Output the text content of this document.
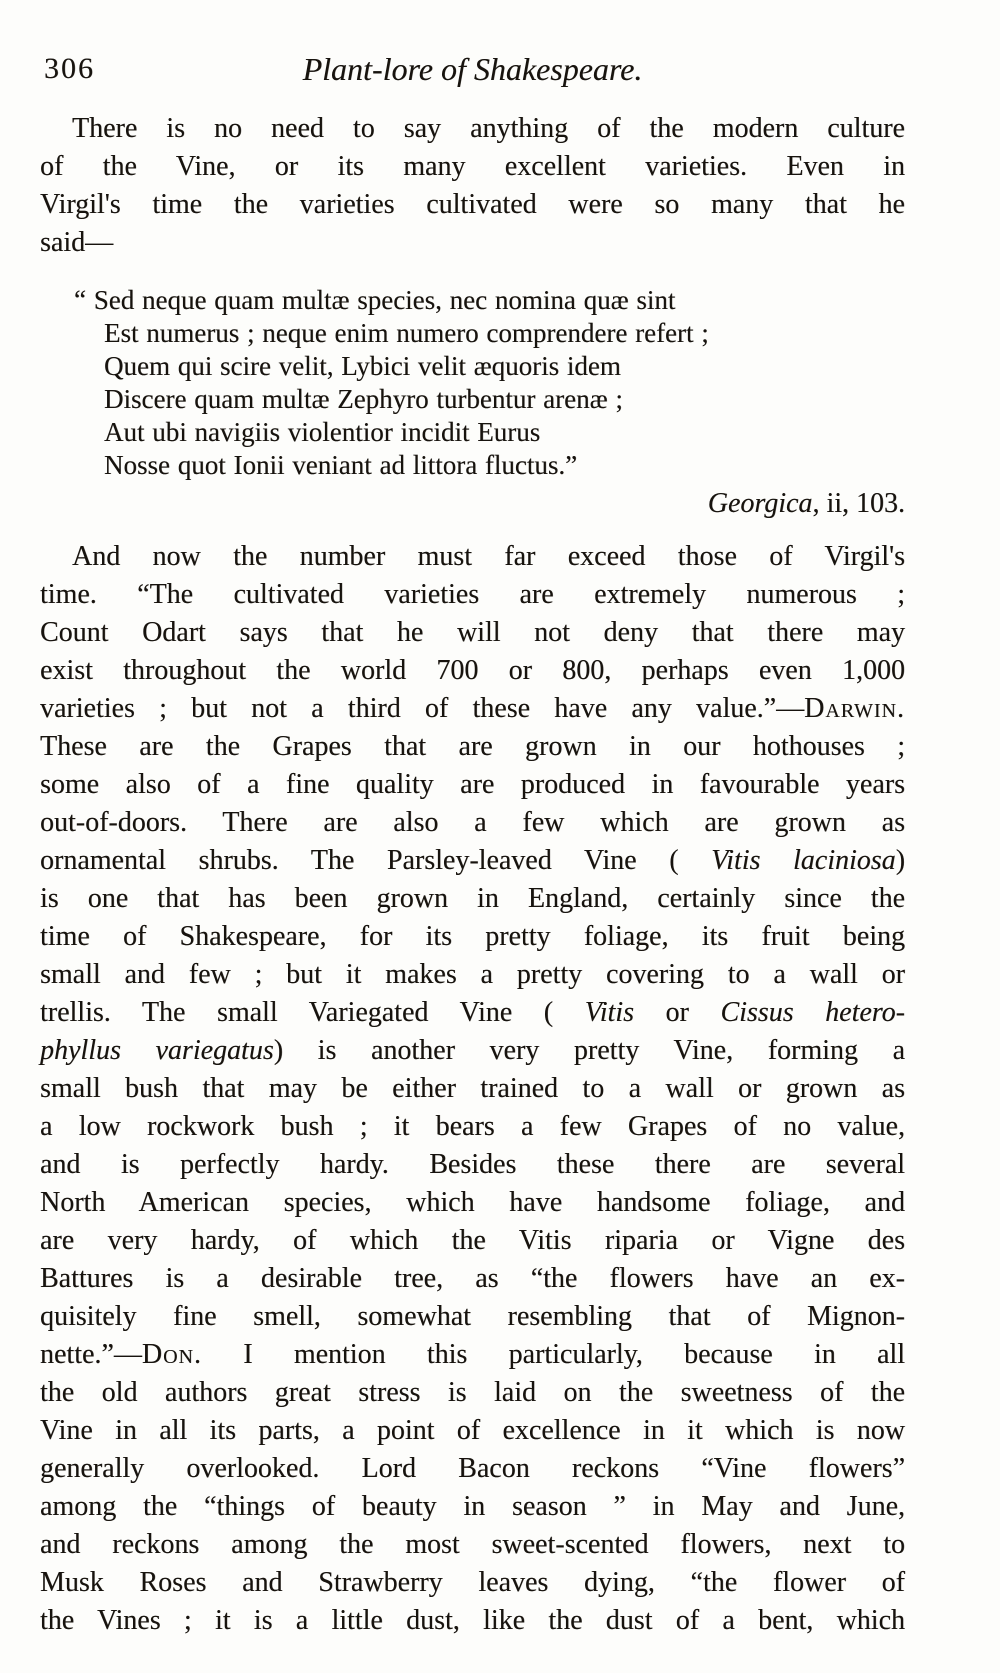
306	Plant-lore of Shakespeare.
There is no need to say anything of the modern culture
of the Vine, or its many excellent varieties. Even in
Virgil's time the varieties cultivated were so many that he
said—
“ Sed neque quam multæ species, nec nomina quæ sint
Est numerus ; neque enim numero comprendere refert ;
Quem qui scire velit, Lybici velit æquoris idem
Discere quam multæ Zephyro turbentur arenæ ;
Aut ubi navigiis violentior incidit Eurus
Nosse quot Ionii veniant ad littora fluctus.”
Georgica, ii, 103.
And now the number must far exceed those of Virgil's
time. “The cultivated varieties are extremely numerous ;
Count Odart says that he will not deny that there may
exist throughout the world 700 or 800, perhaps even 1,000
varieties ; but not a third of these have any value.”—Darwin.
These are the Grapes that are grown in our hothouses ;
some also of a fine quality are produced in favourable years
out-of-doors. There are also a few which are grown as
ornamental shrubs. The Parsley-leaved Vine ( Vitis laciniosa)
is one that has been grown in England, certainly since the
time of Shakespeare, for its pretty foliage, its fruit being
small and few ; but it makes a pretty covering to a wall or
trellis. The small Variegated Vine ( Vitis or Cissus hetero-
phyllus variegatus) is another very pretty Vine, forming a
small bush that may be either trained to a wall or grown as
a low rockwork bush ; it bears a few Grapes of no value,
and is perfectly hardy. Besides these there are several
North American species, which have handsome foliage, and
are very hardy, of which the Vitis riparia or Vigne des
Battures is a desirable tree, as “the flowers have an ex-
quisitely fine smell, somewhat resembling that of Mignon-
nette.”—Don. I mention this particularly, because in all
the old authors great stress is laid on the sweetness of the
Vine in all its parts, a point of excellence in it which is now
generally overlooked. Lord Bacon reckons “Vine flowers”
among the “things of beauty in season ” in May and June,
and reckons among the most sweet-scented flowers, next to
Musk Roses and Strawberry leaves dying, “the flower of
the Vines ; it is a little dust, like the dust of a bent, which
